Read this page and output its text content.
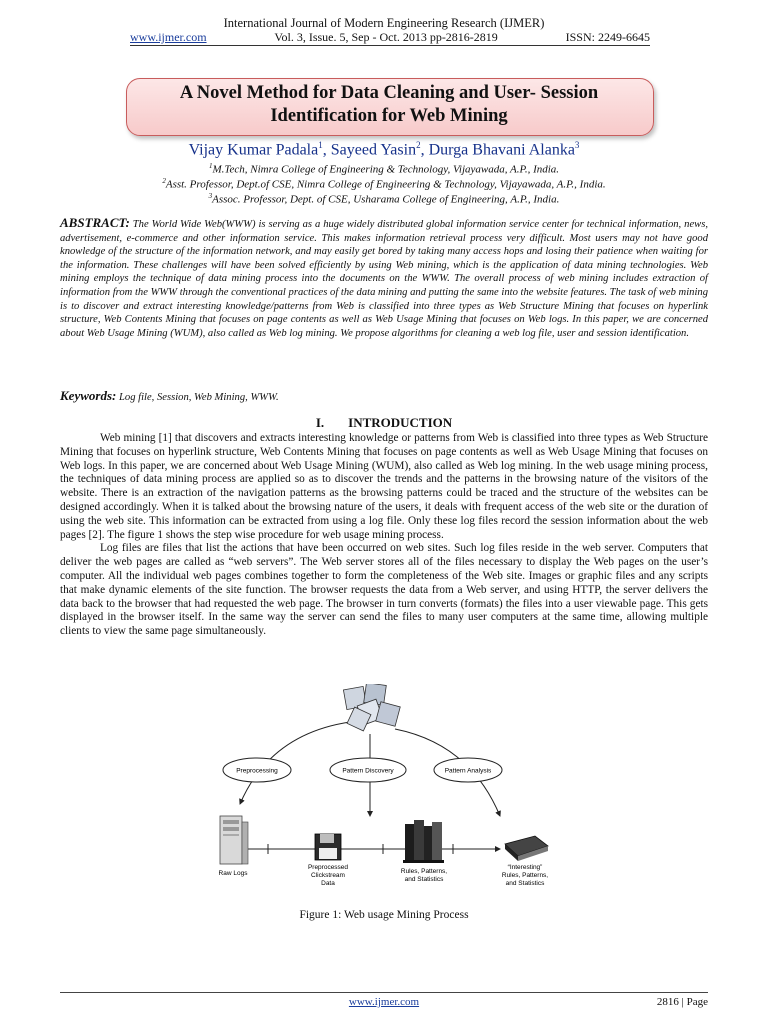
International Journal of Modern Engineering Research (IJMER)
www.ijmer.com	Vol. 3, Issue. 5, Sep - Oct. 2013 pp-2816-2819	ISSN: 2249-6645
A Novel Method for Data Cleaning and User- Session
Identification for Web Mining
Vijay Kumar Padala$^1$, Sayeed Yasin$^2$, Durga Bhavani Alanka$^3$
$^1$M.Tech, Nimra College of Engineering & Technology, Vijayawada, A.P., India.
$^2$Asst. Professor, Dept.of CSE, Nimra College of Engineering & Technology, Vijayawada, A.P., India.
$^3$Assoc. Professor, Dept. of CSE, Usharama College of Engineering, A.P., India.
ABSTRACT: The World Wide Web(WWW) is serving as a huge widely distributed global information service center for technical information, news, advertisement, e-commerce and other information service. This makes information retrieval process very difficult. Most users may not have good knowledge of the structure of the information network, and may easily get bored by taking many access hops and losing their patience when waiting for the information. These challenges will have been solved efficiently by using Web mining, which is the application of data mining technologies. Web mining employs the technique of data mining process into the documents on the WWW. The overall process of web mining includes extraction of information from the WWW through the conventional practices of the data mining and putting the same into the website features. The task of web mining is to discover and extract interesting knowledge/patterns from Web is classified into three types as Web Structure Mining that focuses on hyperlink structure, Web Contents Mining that focuses on page contents as well as Web Usage Mining that focuses on Web logs. In this paper, we are concerned about Web Usage Mining (WUM), also called as Web log mining. We propose algorithms for cleaning a web log file, user and session identification.
Keywords: Log file, Session, Web Mining, WWW.
I. INTRODUCTION

Web mining [1] that discovers and extracts interesting knowledge or patterns from Web is classified into three types as Web Structure Mining that focuses on hyperlink structure, Web Contents Mining that focuses on page contents as well as Web Usage Mining that focuses on Web logs. In this paper, we are concerned about Web Usage Mining (WUM), also called as Web log mining. In the web usage mining process, the techniques of data mining process are applied so as to discover the trends and the patterns in the browsing nature of the visitors of the website. There is an extraction of the navigation patterns as the browsing patterns could be traced and the structure of the websites can be designed accordingly. When it is talked about the browsing nature of the users, it deals with frequent access of the web site or the duration of using the web site. This information can be extracted from using a log file. Only these log files record the session information about the web pages [2]. The figure 1 shows the step wise procedure for web usage mining process.

Log files are files that list the actions that have been occurred on web sites. Such log files reside in the web server. Computers that deliver the web pages are called as “web servers”. The Web server stores all of the files necessary to display the Web pages on the user’s computer. All the individual web pages combines together to form the completeness of the Web site. Images or graphic files and any scripts that make dynamic elements of the site function. The browser requests the data from a Web server, and using HTTP, the server delivers the data back to the browser that had requested the web page. The browser in turn converts (formats) the files into a user viewable page. This gets displayed in the browser itself. In the same way the server can send the files to many user computers at the same time, allowing multiple clients to view the same page simultaneously.

Preprocessing	Pattern Discovery	Pattern Analysis
Raw Logs
Preprocessed
Clickstream
Data
Rules, Patterns,
and Statistics
“Interesting”
Rules, Patterns,
and Statistics
Figure 1: Web usage Mining Process
www.ijmer.com	2816 | Page
